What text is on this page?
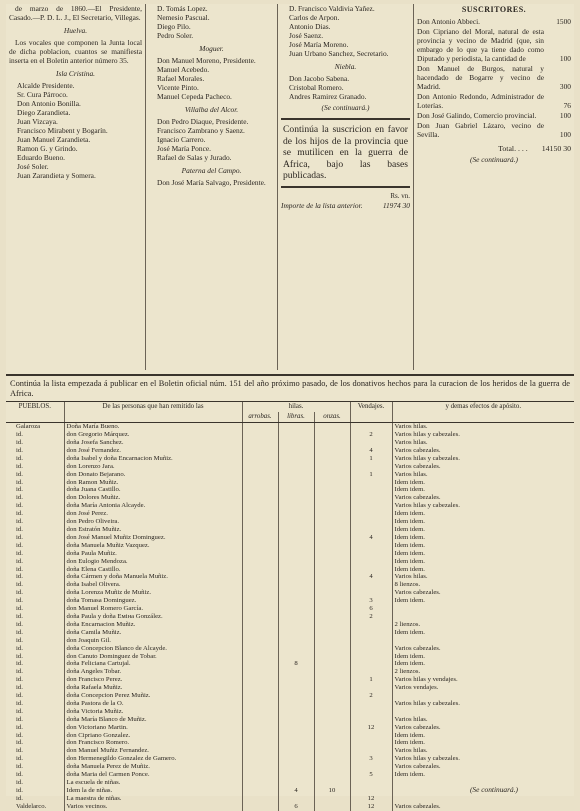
de marzo de 1860.—El Presidente, Casado.—P. D. L. J., El Secretario, Villegas.

Huelva.

Los vocales que componen la Junta local de dicha poblacion, cuantos se manifiesta inserta en el Boletin anterior número 35.

Isla Cristina.
Alcalde Presidente.
Sr. Cura Párroco.
Don Antonio Bonilla.
Diego Zarandieta.
Juan Vizcaya.
Francisco Mirabent y Bogarín.
Juan Manuel Zarandieta.
Ramon G. y Grindo.
Eduardo Bueno.
José Soler.
Juan Zarandieta y Somera.
D. Tomás Lopez.
Nemesio Pascual.
Diego Pilo.
Pedro Soler.
Moguer.
Don Manuel Moreno, Presidente.
Manuel Acebedo.
Rafael Morales.
Vicente Pinto.
Manuel Cepeda Pacheco.
Villalba del Alcor.
Don Pedro Diaque, Presidente.
Francisco Zambrano y Saenz.
Ignacio Carrero.
José María Ponce.
Rafael de Salas y Jurado.
Paterna del Campo.
Don José María Salvago, Presidente.
D. Francisco Valdivia Yañez.
Carlos de Arpon.
Antonio Dias.
José Saenz.
José María Moreno.
Juan Urbano Sanchez, Secretario.
Niebla.
Don Jacobo Sabena.
Cristobal Romero.
Andres Ramirez Granado.
(Se continuará.)
Continúa la suscricion en favor de los hijos de la provincia que se mutilicen en la guerra de Africa, bajo las bases publicadas.
Rs. vn.
Importe de la lista anterior.	11974 30
SUSCRITORES.
Don Antonio Abbeci.	1500
Don Cipriano del Moral, natural de esta provincia y vecino de Madrid (que, sin embargo de lo que ya tiene dado como Diputado y periodista, la cantidad de	100
Don Manuel de Burgos, natural y hacendado de Bogarre y vecino de Madrid.	300
Don Antonio Redondo, Administrador de Loterías.	76
Don José Galindo, Comercio provincial.	100
Don Juan Gabriel Lázaro, vecino de Sevilla.	100
Total. . . . 14150 30
(Se continuará.)
Continúa la lista empezada á publicar en el Boletin oficial núm. 151 del año próximo pasado, de los donativos hechos para la curacion de los heridos de la guerra de Africa.
PUEBLOS.	De las personas que han remitido las	hilas.			Vendajes.	y demas efectos de apósito.
		arrobas.	libras.	onzas.		
Galaroza	Doña María Bueno.					Varios hilas.
id.	don Gregorio Márquez.				2	Varios hilas y cabezales.
id.	doña Josefa Sanchez.					Varios hilas.
id.	don José Fernandez.				4	Varios cabezales.
id.	doña Isabel y doña Encarnacion Muñiz.				1	Varios hilas y cabezales.
id.	don Lorenzo Jara.					Varios cabezales.
id.	don Donato Bejarano.				1	Varios hilas.
id.	don Ramon Muñiz.					Idem idem.
id.	doña Juana Castillo.					Idem idem.
id.	don Dolores Muñiz.					Varios cabezales.
id.	doña María Antonia Alcayde.					Varios hilas y cabezales.
id.	don José Perez.					Idem idem.
id.	don Pedro Oliveira.					Idem idem.
id.	don Estratón Muñiz.					Idem idem.
id.	don José Manuel Muñiz Dominguez.				4	Idem idem.
id.	doña Manuela Muñiz Vazquez.					Idem idem.
id.	doña Paula Muñiz.					Idem idem.
id.	don Eulogio Mendoza.					Idem idem.
id.	doña Elena Castillo.					Idem idem.
id.	doña Cármen y doña Manuela Muñiz.				4	Varios hilas.
id.	doña Isabel Olivera.					8 lienzos.
id.	doña Lorenza Muñiz de Muñiz.					Varios cabezales.
id.	doña Tomasa Dominguez.				3	Idem idem.
id.	don Manuel Romero García.				6	
id.	doña Paula y doña Eміна González.				2	
id.	doña Encarnacion Muñiz.					2 lienzos.
id.	doña Camila Muñiz.					Idem idem.
id.	don Joaquin Gil.					
id.	doña Concepcion Blanco de Alcayde.					Varios cabezales.
id.	don Canuto Dominguez de Tobar.					Idem idem.
id.	doña Feliciana Cartujal.		8			Idem idem.
id.	doña Angeles Tobar.					2 lienzos.
id.	don Francisco Perez.				1	Varios hilas y vendajes.
id.	doña Rafaela Muñiz.					Varios vendajes.
id.	doña Concepcion Perez Muñiz.				2	
id.	doña Pastora de la O.					Varios hilas y cabezales.
id.	doña Victoria Muñiz.					
id.	doña María Blanco de Muñiz.					Varios hilas.
id.	don Victoriano Martin.				12	Varios cabezales.
id.	don Cipriano Gonzalez.					Idem idem.
id.	don Francisco Romero.					Idem idem.
id.	don Manuel Muñiz Fernandez.					Varios hilas.
id.	don Hermenegildo Gonzalez de Gamero.				3	Varios hilas y cabezales.
id.	doña Manuela Perez de Muñiz.					Varios cabezales.
id.	doña Maria del Carmen Ponce.				5	Idem idem.
id.	La escuela de niñas.					
id.	Idem la de niñas.		4	10		
id.	La maestra de niñas.				12	
Valdelarco.	Varios vecinos.		6		12	Varios cabezales.
(Se continuará.)
